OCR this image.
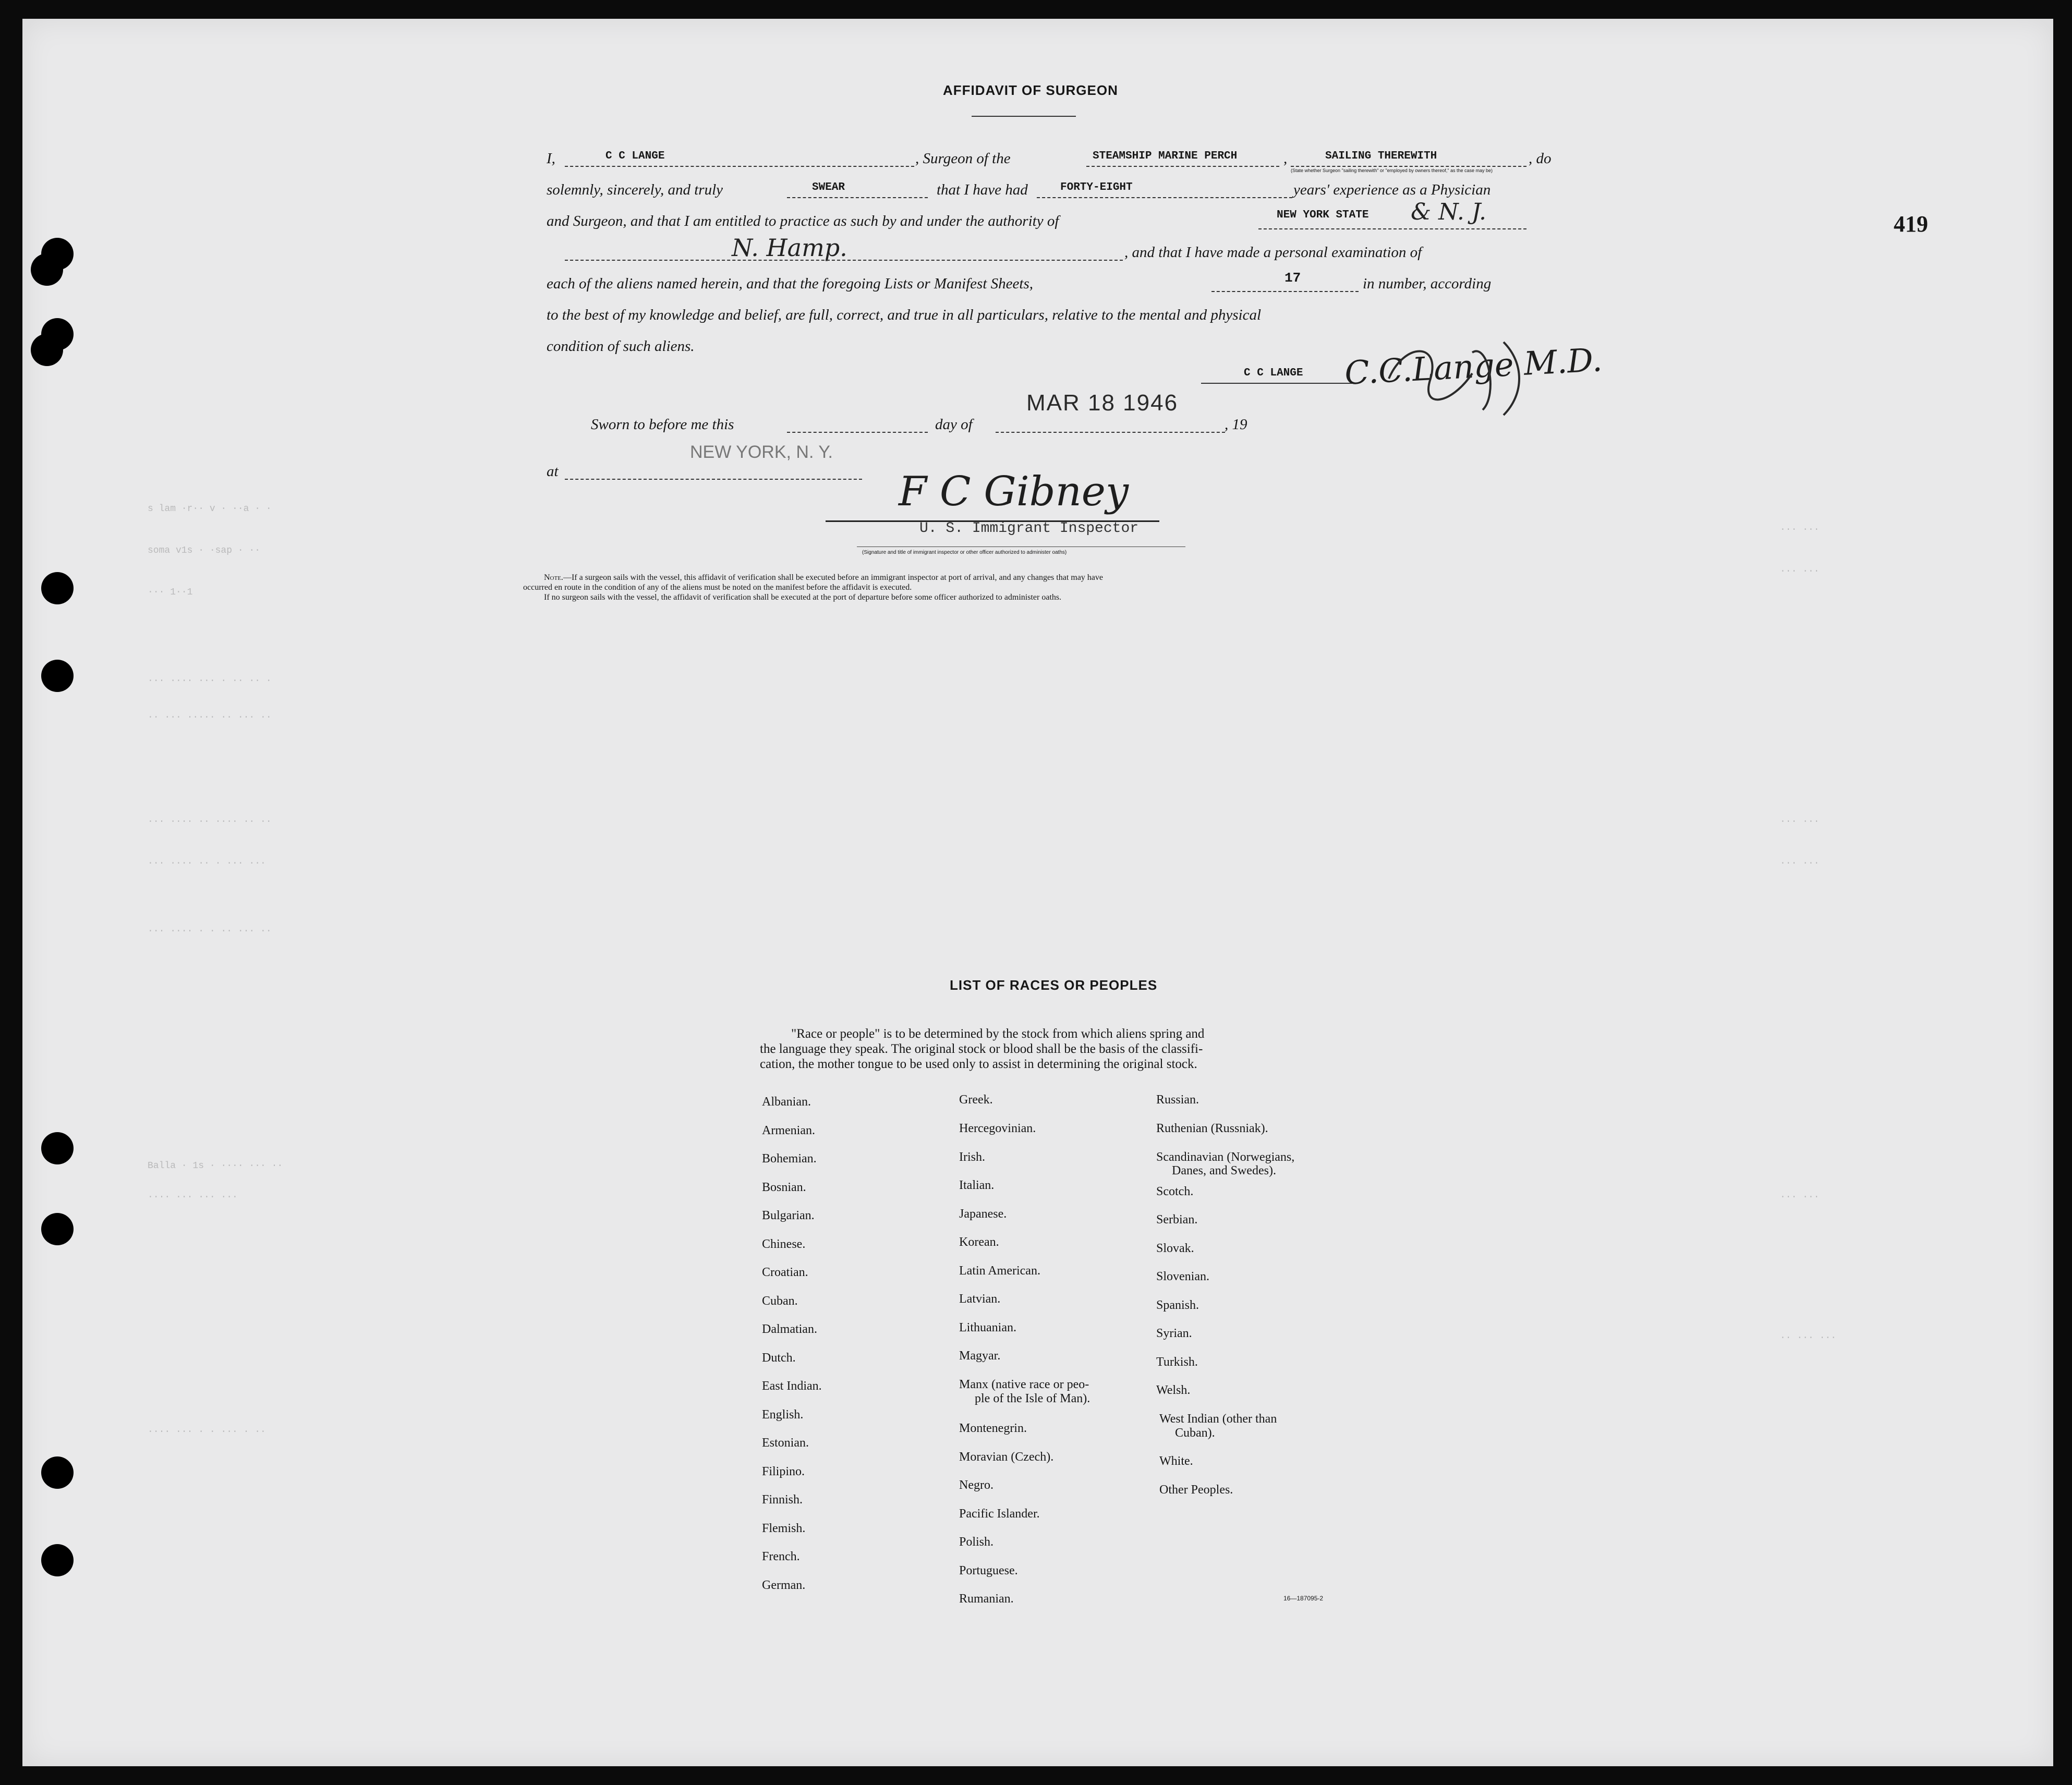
419
s lam ·r·· v · ··a · ·
soma v1s · ·sap · ··
··· 1··1
··· ···· ··· · ·· ·· ·
·· ··· ····· ·· ··· ··
··· ···· ·· ···· ·· ··
··· ···· ·· · ··· ···
··· ···· · · ·· ··· ··
Balla · 1s · ···· ··· ··
···· ··· ··· ···
···· ··· · · ··· · ··
··· ···
··· ···
··· ···
··· ···
··· ···
·· ··· ···
AFFIDAVIT OF SURGEON
I,	C C LANGE	, Surgeon of the	STEAMSHIP MARINE PERCH	,	SAILING THEREWITH	, do
(State whether Surgeon "sailing therewith" or "employed by owners thereof," as the case may be)
solemnly, sincerely, and truly	SWEAR	that I have had	FORTY-EIGHT	years' experience as a Physician
and Surgeon, and that I am entitled to practice as such by and under the authority of	NEW YORK STATE & N. J.
N. Hamp.	, and that I have made a personal examination of
each of the aliens named herein, and that the foregoing Lists or Manifest Sheets,	17	in number, according
to the best of my knowledge and belief, are full, correct, and true in all particulars, relative to the mental and physical
condition of such aliens.
C C LANGE C.C.Lange M.D.
Sworn to before me this	day of
MAR 18 1946
, 19
at
NEW YORK, N. Y.
F C Gibney
U. S. Immigrant Inspector
(Signature and title of immigrant inspector or other officer authorized to administer oaths)
Note.—If a surgeon sails with the vessel, this affidavit of verification shall be executed before an immigrant inspector at port of arrival, and any changes that may have
occurred en route in the condition of any of the aliens must be noted on the manifest before the affidavit is executed.
If no surgeon sails with the vessel, the affidavit of verification shall be executed at the port of departure before some officer authorized to administer oaths.
LIST OF RACES OR PEOPLES
"Race or people" is to be determined by the stock from which aliens spring and
the language they speak. The original stock or blood shall be the basis of the classifi-
cation, the mother tongue to be used only to assist in determining the original stock.
Albanian.
Armenian.
Bohemian.
Bosnian.
Bulgarian.
Chinese.
Croatian.
Cuban.
Dalmatian.
Dutch.
East Indian.
English.
Estonian.
Filipino.
Finnish.
Flemish.
French.
German.
Greek.
Hercegovinian.
Irish.
Italian.
Japanese.
Korean.
Latin American.
Latvian.
Lithuanian.
Magyar.
Manx (native race or peo-
ple of the Isle of Man).
Montenegrin.
Moravian (Czech).
Negro.
Pacific Islander.
Polish.
Portuguese.
Rumanian.
Russian.
Ruthenian (Russniak).
Scandinavian (Norwegians,
Danes, and Swedes).
Scotch.
Serbian.
Slovak.
Slovenian.
Spanish.
Syrian.
Turkish.
Welsh.
West Indian (other than
Cuban).
White.
Other Peoples.
16—187095-2
